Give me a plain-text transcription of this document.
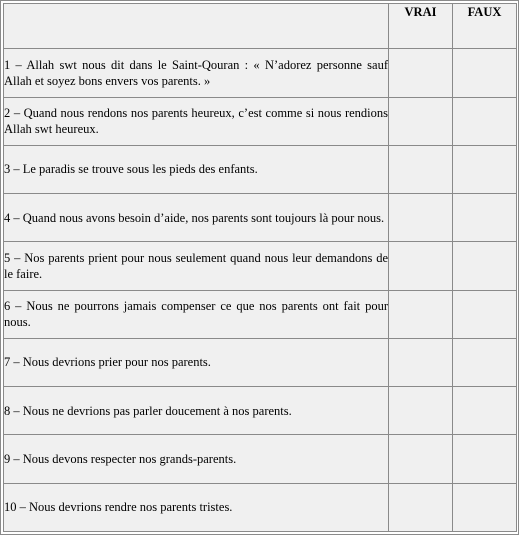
	VRAI	FAUX
1 – Allah swt nous dit dans le Saint-Qouran : « N’adorez personne sauf Allah et soyez bons envers vos parents. »		
2 – Quand nous rendons nos parents heureux, c’est comme si nous rendions Allah swt heureux.		
3 – Le paradis se trouve sous les pieds des enfants.		
4 – Quand nous avons besoin d’aide, nos parents sont toujours là pour nous.		
5 – Nos parents prient pour nous seulement quand nous leur demandons de le faire.		
6 – Nous ne pourrons jamais compenser ce que nos parents ont fait pour nous.		
7 – Nous devrions prier pour nos parents.		
8 – Nous ne devrions pas parler doucement à nos parents.		
9 – Nous devons respecter nos grands-parents.		
10 – Nous devrions rendre nos parents tristes.		
